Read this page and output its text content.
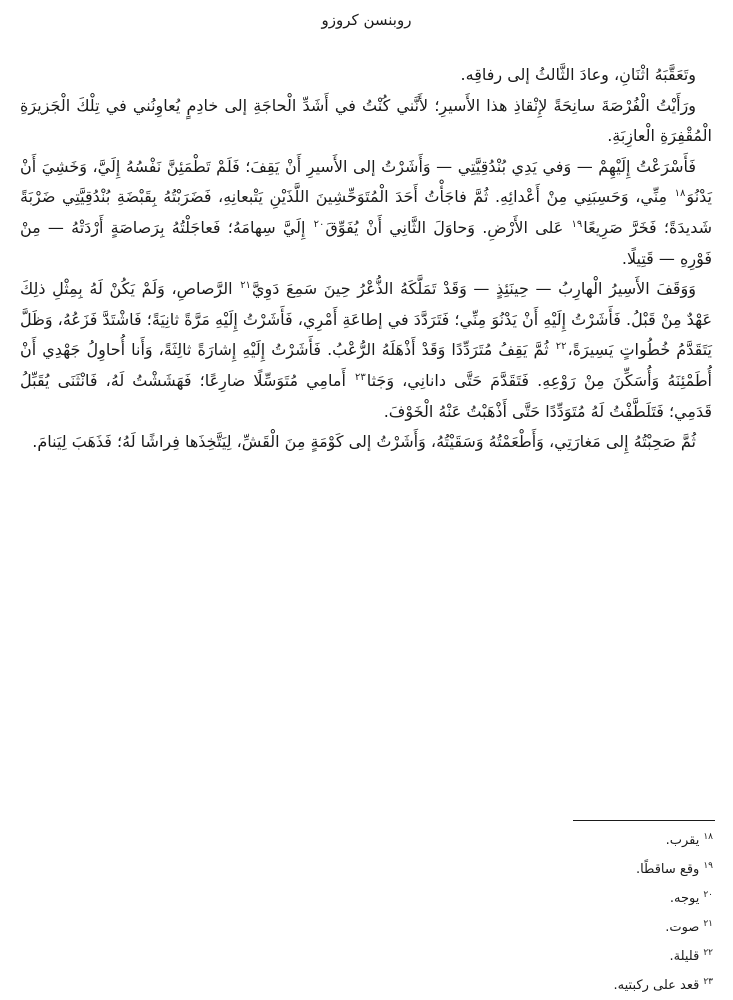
روبنسن كروزو

وتَعَقَّبَهُ اثْنَانِ، وعادَ الثَّالثُ إلى رفاقِه.

ورَأَيْتُ الْفُرْصَةَ سانِحَةً لإِنْقاذِ هذا الأَسيرِ؛ لأَنَّني كُنْتُ في أَشَدِّ الْحاجَةِ إلى خادِمٍ يُعاوِنُني في تِلْكَ الْجَزيرَةِ الْمُقْفِرَةِ الْعازِبَةِ.

فَأَسْرَعْتُ إِلَيْهِمْ — وَفي يَدِي بُنْدُقِيَّتِي — وَأَشَرْتُ إلى الأَسيرِ أَنْ يَقِفَ؛ فَلَمْ تَطْمَئِنَّ نَفْسُهُ إِلَيَّ، وَخَشِيَ أَنْ يَدْنُوَ$^{١٨}$ مِنِّي، وَحَسِبَنِي مِنْ أَعْدائِهِ. ثُمَّ فاجَأْتُ أَحَدَ الْمُتَوَحِّشِينَ اللَّذَيْنِ يَتْبعانِهِ، فَضَرَبْتُهُ بِقَبْضَةِ بُنْدُقِيَّتِي ضَرْبَةً شَديدَةً؛ فَخَرَّ صَرِيعًا$^{١٩}$ عَلى الأَرْضِ. وَحاوَلَ الثَّانِي أَنْ يُفَوِّقَ$^{٢٠}$ إِلَيَّ سِهامَهُ؛ فَعاجَلْتُهُ بِرَصاصَةٍ أَرْدَتْهُ — مِنْ فَوْرِهِ — قَتِيلًا.

وَوَقَفَ الأَسِيرُ الْهارِبُ — حِينَئِذٍ — وَقَدْ تَمَلَّكَهُ الذُّعْرُ حِينَ سَمِعَ دَوِيَّ$^{٢١}$ الرَّصاصِ، وَلَمْ يَكُنْ لَهُ بِمِثْلِ ذلِكَ عَهْدٌ مِنْ قَبْلُ. فَأَشَرْتُ إِلَيْهِ أَنْ يَدْنُوَ مِنِّي؛ فَتَرَدَّدَ في إطاعَةِ أَمْرِي، فَأَشَرْتُ إِلَيْهِ مَرَّةً ثانِيَةً؛ فَاشْتَدَّ فَزَعُهُ، وَظَلَّ يَتَقَدَّمُ خُطُواتٍ يَسِيرَةً،$^{٢٢}$ ثُمَّ يَقِفُ مُتَرَدِّدًا وَقَدْ أَذْهَلَهُ الرُّعْبُ. فَأَشَرْتُ إِلَيْهِ إِشارَةً ثالِثَةً، وَأَنا أُحاوِلُ جَهْدِي أَنْ أُطَمْئِنَهُ وَأُسَكِّنَ مِنْ رَوْعِهِ. فَتَقَدَّمَ حَتَّى دانانِي، وَجَثا$^{٢٣}$ أَمامِي مُتَوَسِّلًا ضارِعًا؛ فَهَشَشْتُ لَهُ، فَانْثَنَى يُقَبِّلُ قَدَمِي؛ فَتَلَطَّفْتُ لَهُ مُتَوَدِّدًا حَتَّى أَذْهَبْتُ عَنْهُ الْخَوْفَ.

ثُمَّ صَحِبْتُهُ إِلى مَغارَتِي، وَأَطْعَمْتُهُ وَسَقَيْتُهُ، وَأَشَرْتُ إلى كَوْمَةٍ مِنَ الْقَشِّ، لِيَتَّخِذَها فِراشًا لَهُ؛ فَذَهَبَ لِيَنامَ.

$^{١٨}$يقرب.

$^{١٩}$وقع ساقطًا.

$^{٢٠}$يوجه.

$^{٢١}$صوت.

$^{٢٢}$قليلة.

$^{٢٣}$قعد على ركبتيه.
